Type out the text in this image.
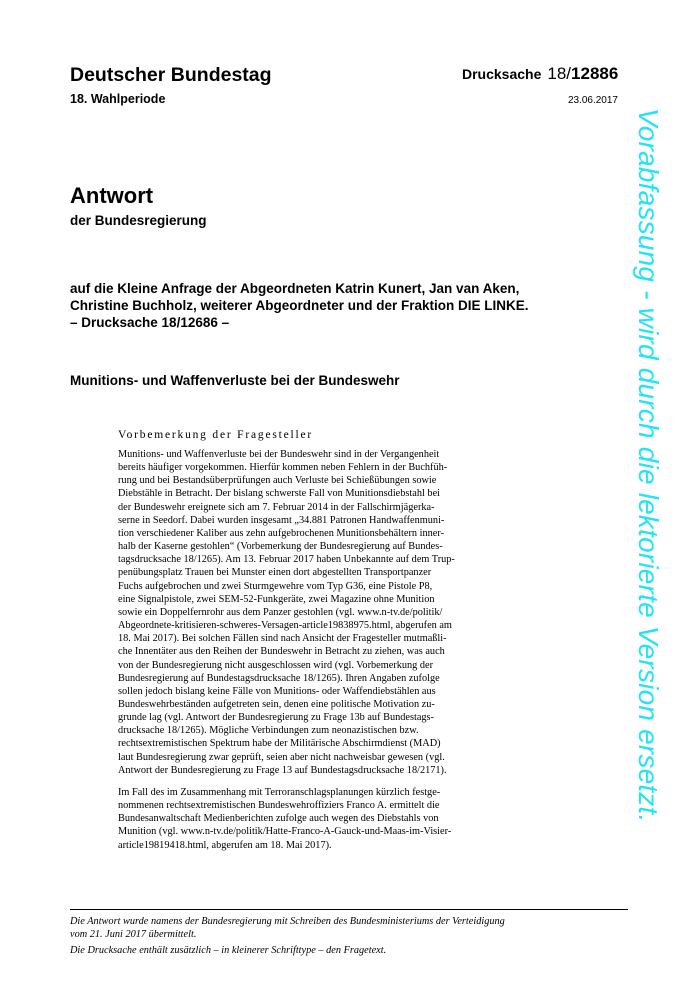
Deutscher Bundestag
18. Wahlperiode
Drucksache 18/12886
23.06.2017
Antwort
der Bundesregierung
auf die Kleine Anfrage der Abgeordneten Katrin Kunert, Jan van Aken,
Christine Buchholz, weiterer Abgeordneter und der Fraktion DIE LINKE.
– Drucksache 18/12686 –
Munitions- und Waffenverluste bei der Bundeswehr
Vorbemerkung der Fragesteller
Munitions- und Waffenverluste bei der Bundeswehr sind in der Vergangenheit
bereits häufiger vorgekommen. Hierfür kommen neben Fehlern in der Buchfüh-
rung und bei Bestandsüberprüfungen auch Verluste bei Schießübungen sowie
Diebstähle in Betracht. Der bislang schwerste Fall von Munitionsdiebstahl bei
der Bundeswehr ereignete sich am 7. Februar 2014 in der Fallschirmjägerka-
serne in Seedorf. Dabei wurden insgesamt „34.881 Patronen Handwaffenmuni-
tion verschiedener Kaliber aus zehn aufgebrochenen Munitionsbehältern inner-
halb der Kaserne gestohlen“ (Vorbemerkung der Bundesregierung auf Bundes-
tagsdrucksache 18/1265). Am 13. Februar 2017 haben Unbekannte auf dem Trup-
penübungsplatz Trauen bei Munster einen dort abgestellten Transportpanzer
Fuchs aufgebrochen und zwei Sturmgewehre vom Typ G36, eine Pistole P8,
eine Signalpistole, zwei SEM-52-Funkgeräte, zwei Magazine ohne Munition
sowie ein Doppelfernrohr aus dem Panzer gestohlen (vgl. www.n-tv.de/politik/
Abgeordnete-kritisieren-schweres-Versagen-article19838975.html, abgerufen am
18. Mai 2017). Bei solchen Fällen sind nach Ansicht der Fragesteller mutmaßli-
che Innentäter aus den Reihen der Bundeswehr in Betracht zu ziehen, was auch
von der Bundesregierung nicht ausgeschlossen wird (vgl. Vorbemerkung der
Bundesregierung auf Bundestagsdrucksache 18/1265). Ihren Angaben zufolge
sollen jedoch bislang keine Fälle von Munitions- oder Waffendiebstählen aus
Bundeswehrbeständen aufgetreten sein, denen eine politische Motivation zu-
grunde lag (vgl. Antwort der Bundesregierung zu Frage 13b auf Bundestags-
drucksache 18/1265). Mögliche Verbindungen zum neonazistischen bzw.
rechtsextremistischen Spektrum habe der Militärische Abschirmdienst (MAD)
laut Bundesregierung zwar geprüft, seien aber nicht nachweisbar gewesen (vgl.
Antwort der Bundesregierung zu Frage 13 auf Bundestagsdrucksache 18/2171).
Im Fall des im Zusammenhang mit Terroranschlagsplanungen kürzlich festge-
nommenen rechtsextremistischen Bundeswehroffiziers Franco A. ermittelt die
Bundesanwaltschaft Medienberichten zufolge auch wegen des Diebstahls von
Munition (vgl. www.n-tv.de/politik/Hatte-Franco-A-Gauck-und-Maas-im-Visier-
article19819418.html, abgerufen am 18. Mai 2017).
Die Antwort wurde namens der Bundesregierung mit Schreiben des Bundesministeriums der Verteidigung
vom 21. Juni 2017 übermittelt.
Die Drucksache enthält zusätzlich – in kleinerer Schrifttype – den Fragetext.
Vorabfassung - wird durch die lektorierte Version ersetzt.
